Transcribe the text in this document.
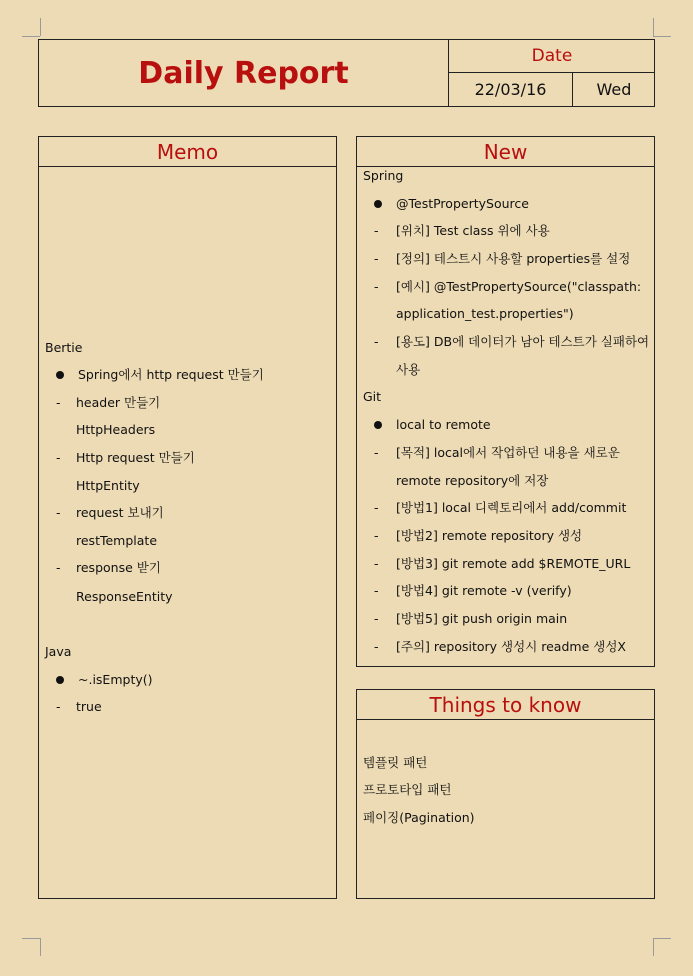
Daily Report	Date
22/03/16	Wed
Memo
Bertie
Spring에서 http request 만들기
- header 만들기
HttpHeaders
- Http request 만들기
HttpEntity
- request 보내기
restTemplate
- response 받기
ResponseEntity
Java
~.isEmpty()
- true
New
Spring
@TestPropertySource
- [위치] Test class 위에 사용
- [정의] 테스트시 사용할 properties를 설정
- [예시] @TestPropertySource("classpath:
application_test.properties")
- [용도] DB에 데이터가 남아 테스트가 실패하여
사용
Git
local to remote
- [목적] local에서 작업하던 내용을 새로운
remote repository에 저장
- [방법1] local 디렉토리에서 add/commit
- [방법2] remote repository 생성
- [방법3] git remote add $REMOTE_URL
- [방법4] git remote -v (verify)
- [방법5] git push origin main
- [주의] repository 생성시 readme 생성X
Things to know
템플릿 패턴
프로토타입 패턴
페이징(Pagination)
